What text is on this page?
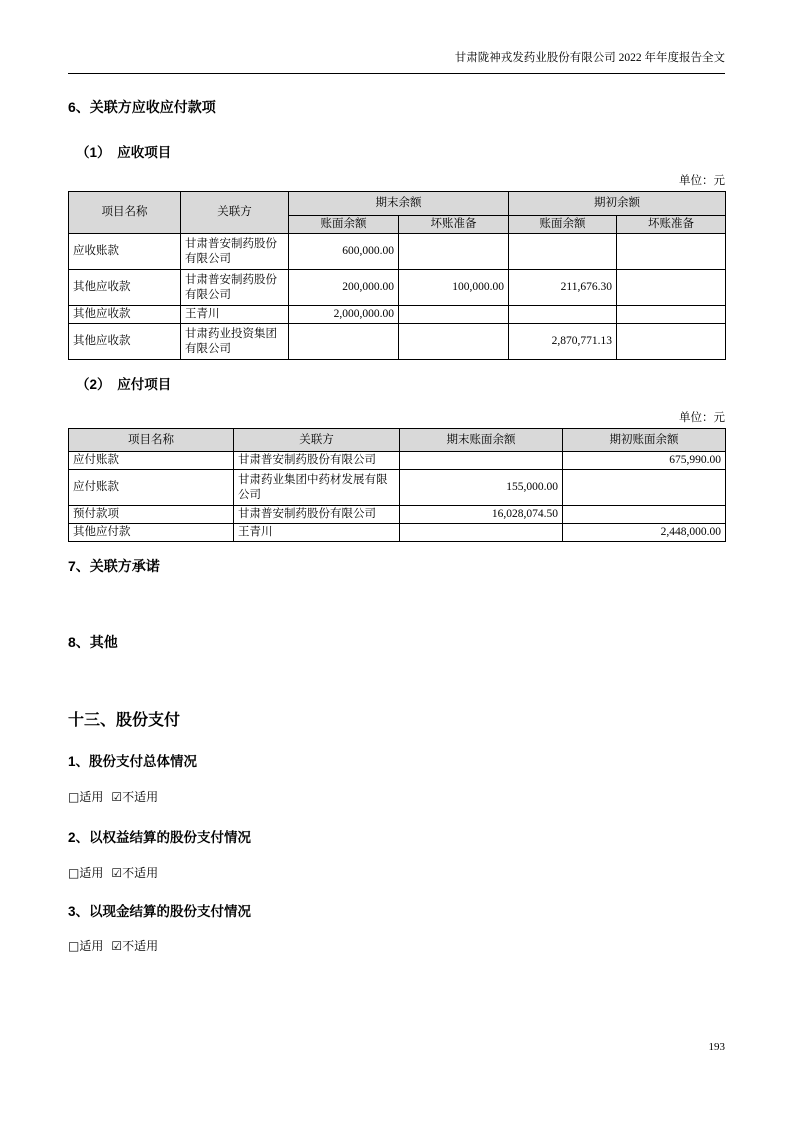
甘肃陇神戎发药业股份有限公司 2022 年年度报告全文
6、关联方应收应付款项
（1）　应收项目
单位：元
项目名称	关联方	期末余额		期初余额	
		账面余额	坏账准备	账面余额	坏账准备
应收账款	甘肃普安制药股份有限公司	600,000.00			
其他应收款	甘肃普安制药股份有限公司	200,000.00	100,000.00	211,676.30	
其他应收款	王青川	2,000,000.00			
其他应收款	甘肃药业投资集团有限公司			2,870,771.13	
（2）　应付项目
单位：元
项目名称	关联方	期末账面余额	期初账面余额
应付账款	甘肃普安制药股份有限公司		675,990.00
应付账款	甘肃药业集团中药材发展有限公司	155,000.00	
预付款项	甘肃普安制药股份有限公司	16,028,074.50	
其他应付款	王青川		2,448,000.00
7、关联方承诺
8、其他
十三、股份支付
1、股份支付总体情况
□适用 ☑不适用
2、以权益结算的股份支付情况
□适用 ☑不适用
3、以现金结算的股份支付情况
□适用 ☑不适用
193
